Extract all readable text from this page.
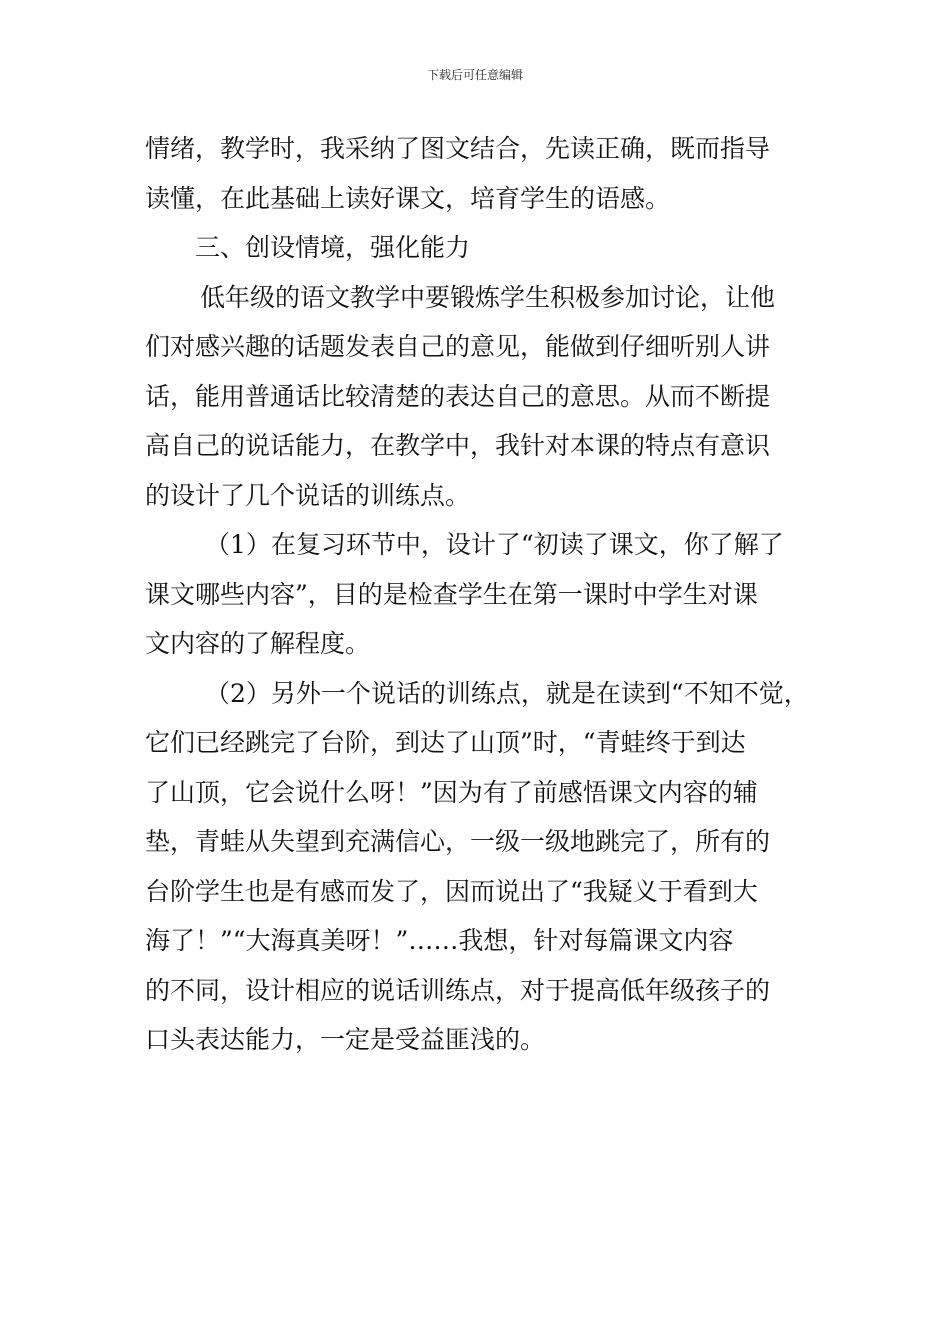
下载后可任意编辑
情绪，教学时，我采纳了图文结合，先读正确，既而指导
读懂，在此基础上读好课文，培育学生的语感。
三、创设情境，强化能力
低年级的语文教学中要锻炼学生积极参加讨论，让他
们对感兴趣的话题发表自己的意见，能做到仔细听别人讲
话，能用普通话比较清楚的表达自己的意思。从而不断提
高自己的说话能力，在教学中，我针对本课的特点有意识
的设计了几个说话的训练点。
（1）在复习环节中，设计了“初读了课文，你了解了
课文哪些内容”，目的是检查学生在第一课时中学生对课
文内容的了解程度。
（2）另外一个说话的训练点，就是在读到“不知不觉，
它们已经跳完了台阶，到达了山顶”时，“青蛙终于到达
了山顶，它会说什么呀！”因为有了前感悟课文内容的辅
垫，青蛙从失望到充满信心，一级一级地跳完了，所有的
台阶学生也是有感而发了，因而说出了“我疑义于看到大
海了！”“大海真美呀！”……我想，针对每篇课文内容
的不同，设计相应的说话训练点，对于提高低年级孩子的
口头表达能力，一定是受益匪浅的。
